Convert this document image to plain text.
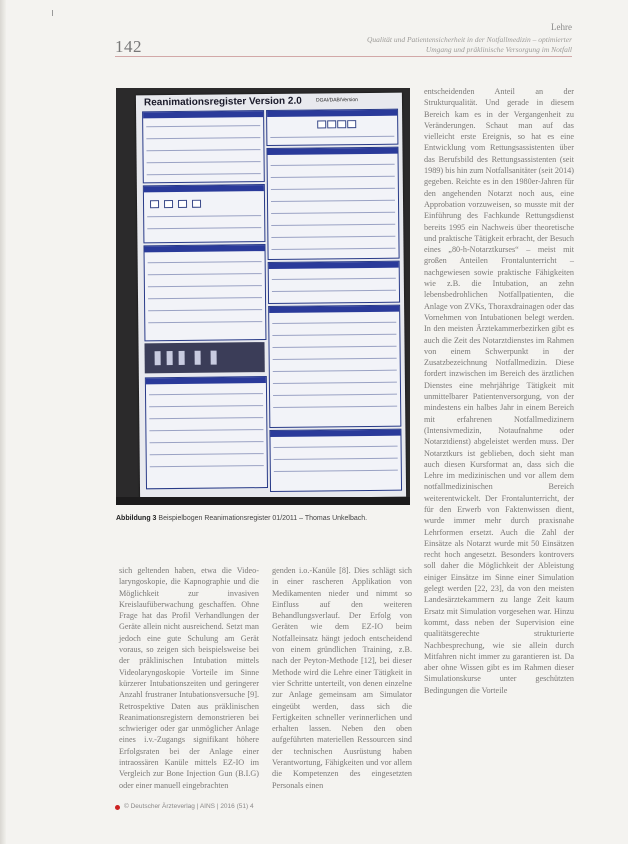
142
Lehre
Qualität und Patientensicherheit in der Notfallmedizin – optimierter
Umgang und präklinische Versorgung im Notfall
Reanimationsregister Version 2.0	DGAI/DAB/Version
Abbildung 3 Beispielbogen Reanimationsregister 01/2011 – Thomas Unkelbach.

sich geltenden haben, etwa die Video-laryngoskopie, die Kapnographie und die Möglichkeit zur invasiven Kreislaufüberwachung geschaffen. Ohne Frage hat das Profil Verhandlungen der Geräte allein nicht ausreichend. Setzt man jedoch eine gute Schulung am Gerät voraus, so zeigen sich beispielsweise bei der präklinischen Intubation mittels Videolaryngoskopie Vorteile im Sinne kürzerer Intubationszeiten und geringerer Anzahl frustraner Intubationsversuche [9]. Retrospektive Daten aus präklinischen Reanimationsregistern demonstrieren bei schwieriger oder gar unmöglicher Anlage eines i.v.-Zugangs signifikant höhere Erfolgsraten bei der Anlage einer intraossären Kanüle mittels EZ-IO im Vergleich zur Bone Injection Gun (B.I.G) oder einer manuell eingebrachten

genden i.o.-Kanüle [8]. Dies schlägt sich in einer rascheren Applikation von Medikamenten nieder und nimmt so Einfluss auf den weiteren Behandlungsverlauf. Der Erfolg von Geräten wie dem EZ-IO beim Notfalleinsatz hängt jedoch entscheidend von einem gründlichen Training, z.B. nach der Peyton-Methode [12], bei dieser Methode wird die Lehre einer Tätigkeit in vier Schritte unterteilt, von denen einzelne zur Anlage gemeinsam am Simulator eingeübt werden, dass sich die Fertigkeiten schneller verinnerlichen und erhalten lassen. Neben den oben aufgeführten materiellen Ressourcen sind der technischen Ausrüstung haben Verantwortung, Fähigkeiten und vor allem die Kompetenzen des eingesetzten Personals einen

entscheidenden Anteil an der Strukturqualität. Und gerade in diesem Bereich kam es in der Vergangenheit zu Veränderungen. Schaut man auf das vielleicht erste Ereignis, so hat es eine Entwicklung vom Rettungsassistenten über das Berufsbild des Rettungsassistenten (seit 1989) bis hin zum Notfallsanitäter (seit 2014) gegeben. Reichte es in den 1980er-Jahren für den angehenden Notarzt noch aus, eine Approbation vorzuweisen, so musste mit der Einführung des Fachkunde Rettungsdienst bereits 1995 ein Nachweis über theoretische und praktische Tätigkeit erbracht, der Besuch eines „80-h-Notarztkurses“ – meist mit großen Anteilen Frontalunterricht – nachgewiesen sowie praktische Fähigkeiten wie z.B. die Intubation, an zehn lebensbedrohlichen Notfallpatienten, die Anlage von ZVKs, Thoraxdrainagen oder das Vornehmen von Intubationen belegt werden. In den meisten Ärztekammerbezirken gibt es auch die Zeit des Notarztdienstes im Rahmen von einem Schwerpunkt in der Zusatzbezeichnung Notfallmedizin. Diese fordert inzwischen im Bereich des ärztlichen Dienstes eine mehrjährige Tätigkeit mit unmittelbarer Patientenversorgung, von der mindestens ein halbes Jahr in einem Bereich mit erfahrenen Notfallmedizinern (Intensivmedizin, Notaufnahme oder Notarztdienst) abgeleistet werden muss. Der Notarztkurs ist geblieben, doch sieht man auch diesen Kursformat an, dass sich die Lehre im medizinischen und vor allem dem notfallmedizinischen Bereich weiterentwickelt. Der Frontalunterricht, der für den Erwerb von Faktenwissen dient, wurde immer mehr durch praxisnahe Lehrformen ersetzt. Auch die Zahl der Einsätze als Notarzt wurde mit 50 Einsätzen recht hoch angesetzt. Besonders kontrovers soll daher die Möglichkeit der Ableistung einiger Einsätze im Sinne einer Simulation gelegt werden [22, 23], da von den meisten Landesärztekammern zu lange Zeit kaum Ersatz mit Simulation vorgesehen war. Hinzu kommt, dass neben der Supervision eine qualitätsgerechte strukturierte Nachbesprechung, wie sie allein durch Mitfahren nicht immer zu garantieren ist. Da aber ohne Wissen gibt es im Rahmen dieser Simulationskurse unter geschützten Bedingungen die Vorteile

© Deutscher Ärzteverlag | AINS | 2016 (51) 4
